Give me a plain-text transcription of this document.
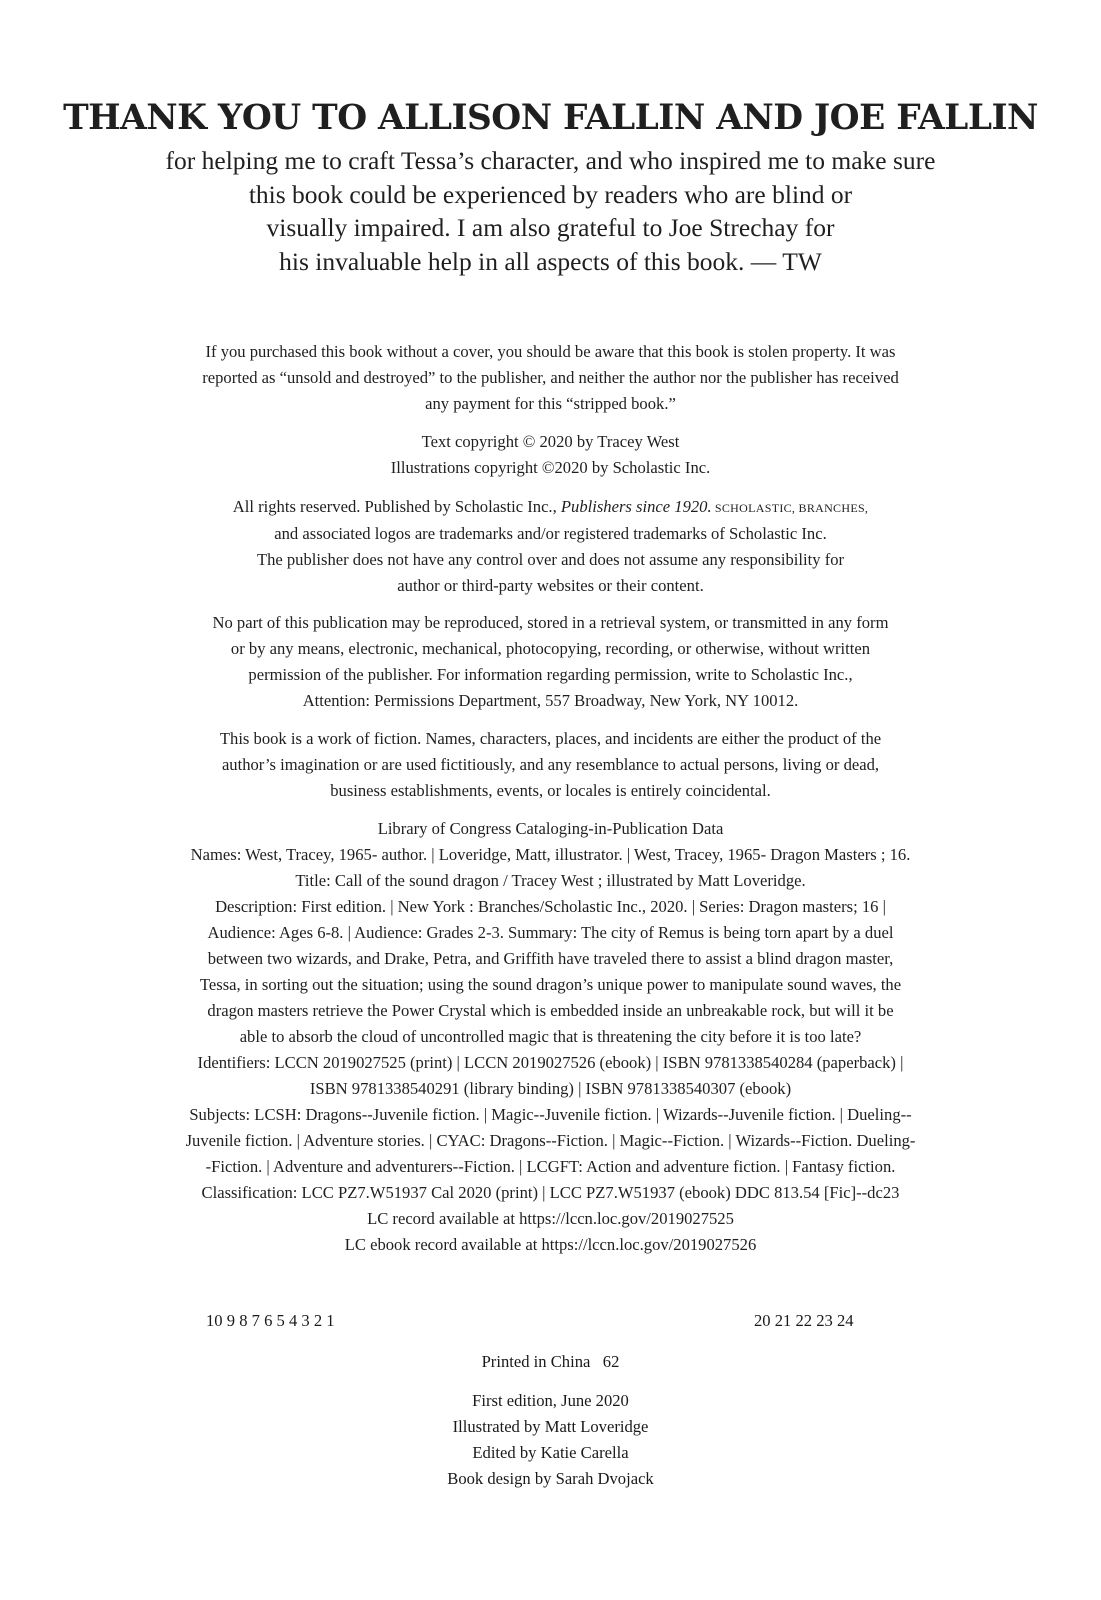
THANK YOU TO ALLISON FALLIN AND JOE FALLIN
for helping me to craft Tessa’s character, and who inspired me to make sure
this book could be experienced by readers who are blind or
visually impaired. I am also grateful to Joe Strechay for
his invaluable help in all aspects of this book. — TW
If you purchased this book without a cover, you should be aware that this book is stolen property. It was
reported as “unsold and destroyed” to the publisher, and neither the author nor the publisher has received
any payment for this “stripped book.”
Text copyright © 2020 by Tracey West
Illustrations copyright ©2020 by Scholastic Inc.
All rights reserved. Published by Scholastic Inc., Publishers since 1920. SCHOLASTIC, BRANCHES,
and associated logos are trademarks and/or registered trademarks of Scholastic Inc.
The publisher does not have any control over and does not assume any responsibility for
author or third-party websites or their content.
No part of this publication may be reproduced, stored in a retrieval system, or transmitted in any form
or by any means, electronic, mechanical, photocopying, recording, or otherwise, without written
permission of the publisher. For information regarding permission, write to Scholastic Inc.,
Attention: Permissions Department, 557 Broadway, New York, NY 10012.
This book is a work of fiction. Names, characters, places, and incidents are either the product of the
author’s imagination or are used fictitiously, and any resemblance to actual persons, living or dead,
business establishments, events, or locales is entirely coincidental.
Library of Congress Cataloging-in-Publication Data
Names: West, Tracey, 1965- author. | Loveridge, Matt, illustrator. | West, Tracey, 1965- Dragon Masters ; 16.
Title: Call of the sound dragon / Tracey West ; illustrated by Matt Loveridge.
Description: First edition. | New York : Branches/Scholastic Inc., 2020. | Series: Dragon masters; 16 |
Audience: Ages 6-8. | Audience: Grades 2-3. Summary: The city of Remus is being torn apart by a duel
between two wizards, and Drake, Petra, and Griffith have traveled there to assist a blind dragon master,
Tessa, in sorting out the situation; using the sound dragon’s unique power to manipulate sound waves, the
dragon masters retrieve the Power Crystal which is embedded inside an unbreakable rock, but will it be
able to absorb the cloud of uncontrolled magic that is threatening the city before it is too late?
Identifiers: LCCN 2019027525 (print) | LCCN 2019027526 (ebook) | ISBN 9781338540284 (paperback) |
ISBN 9781338540291 (library binding) | ISBN 9781338540307 (ebook)
Subjects: LCSH: Dragons--Juvenile fiction. | Magic--Juvenile fiction. | Wizards--Juvenile fiction. | Dueling--
Juvenile fiction. | Adventure stories. | CYAC: Dragons--Fiction. | Magic--Fiction. | Wizards--Fiction. Dueling-
-Fiction. | Adventure and adventurers--Fiction. | LCGFT: Action and adventure fiction. | Fantasy fiction.
Classification: LCC PZ7.W51937 Cal 2020 (print) | LCC PZ7.W51937 (ebook) DDC 813.54 [Fic]--dc23
LC record available at https://lccn.loc.gov/2019027525
LC ebook record available at https://lccn.loc.gov/2019027526
10 9 8 7 6 5 4 3 2 1	20 21 22 23 24
Printed in China   62
First edition, June 2020
Illustrated by Matt Loveridge
Edited by Katie Carella
Book design by Sarah Dvojack
